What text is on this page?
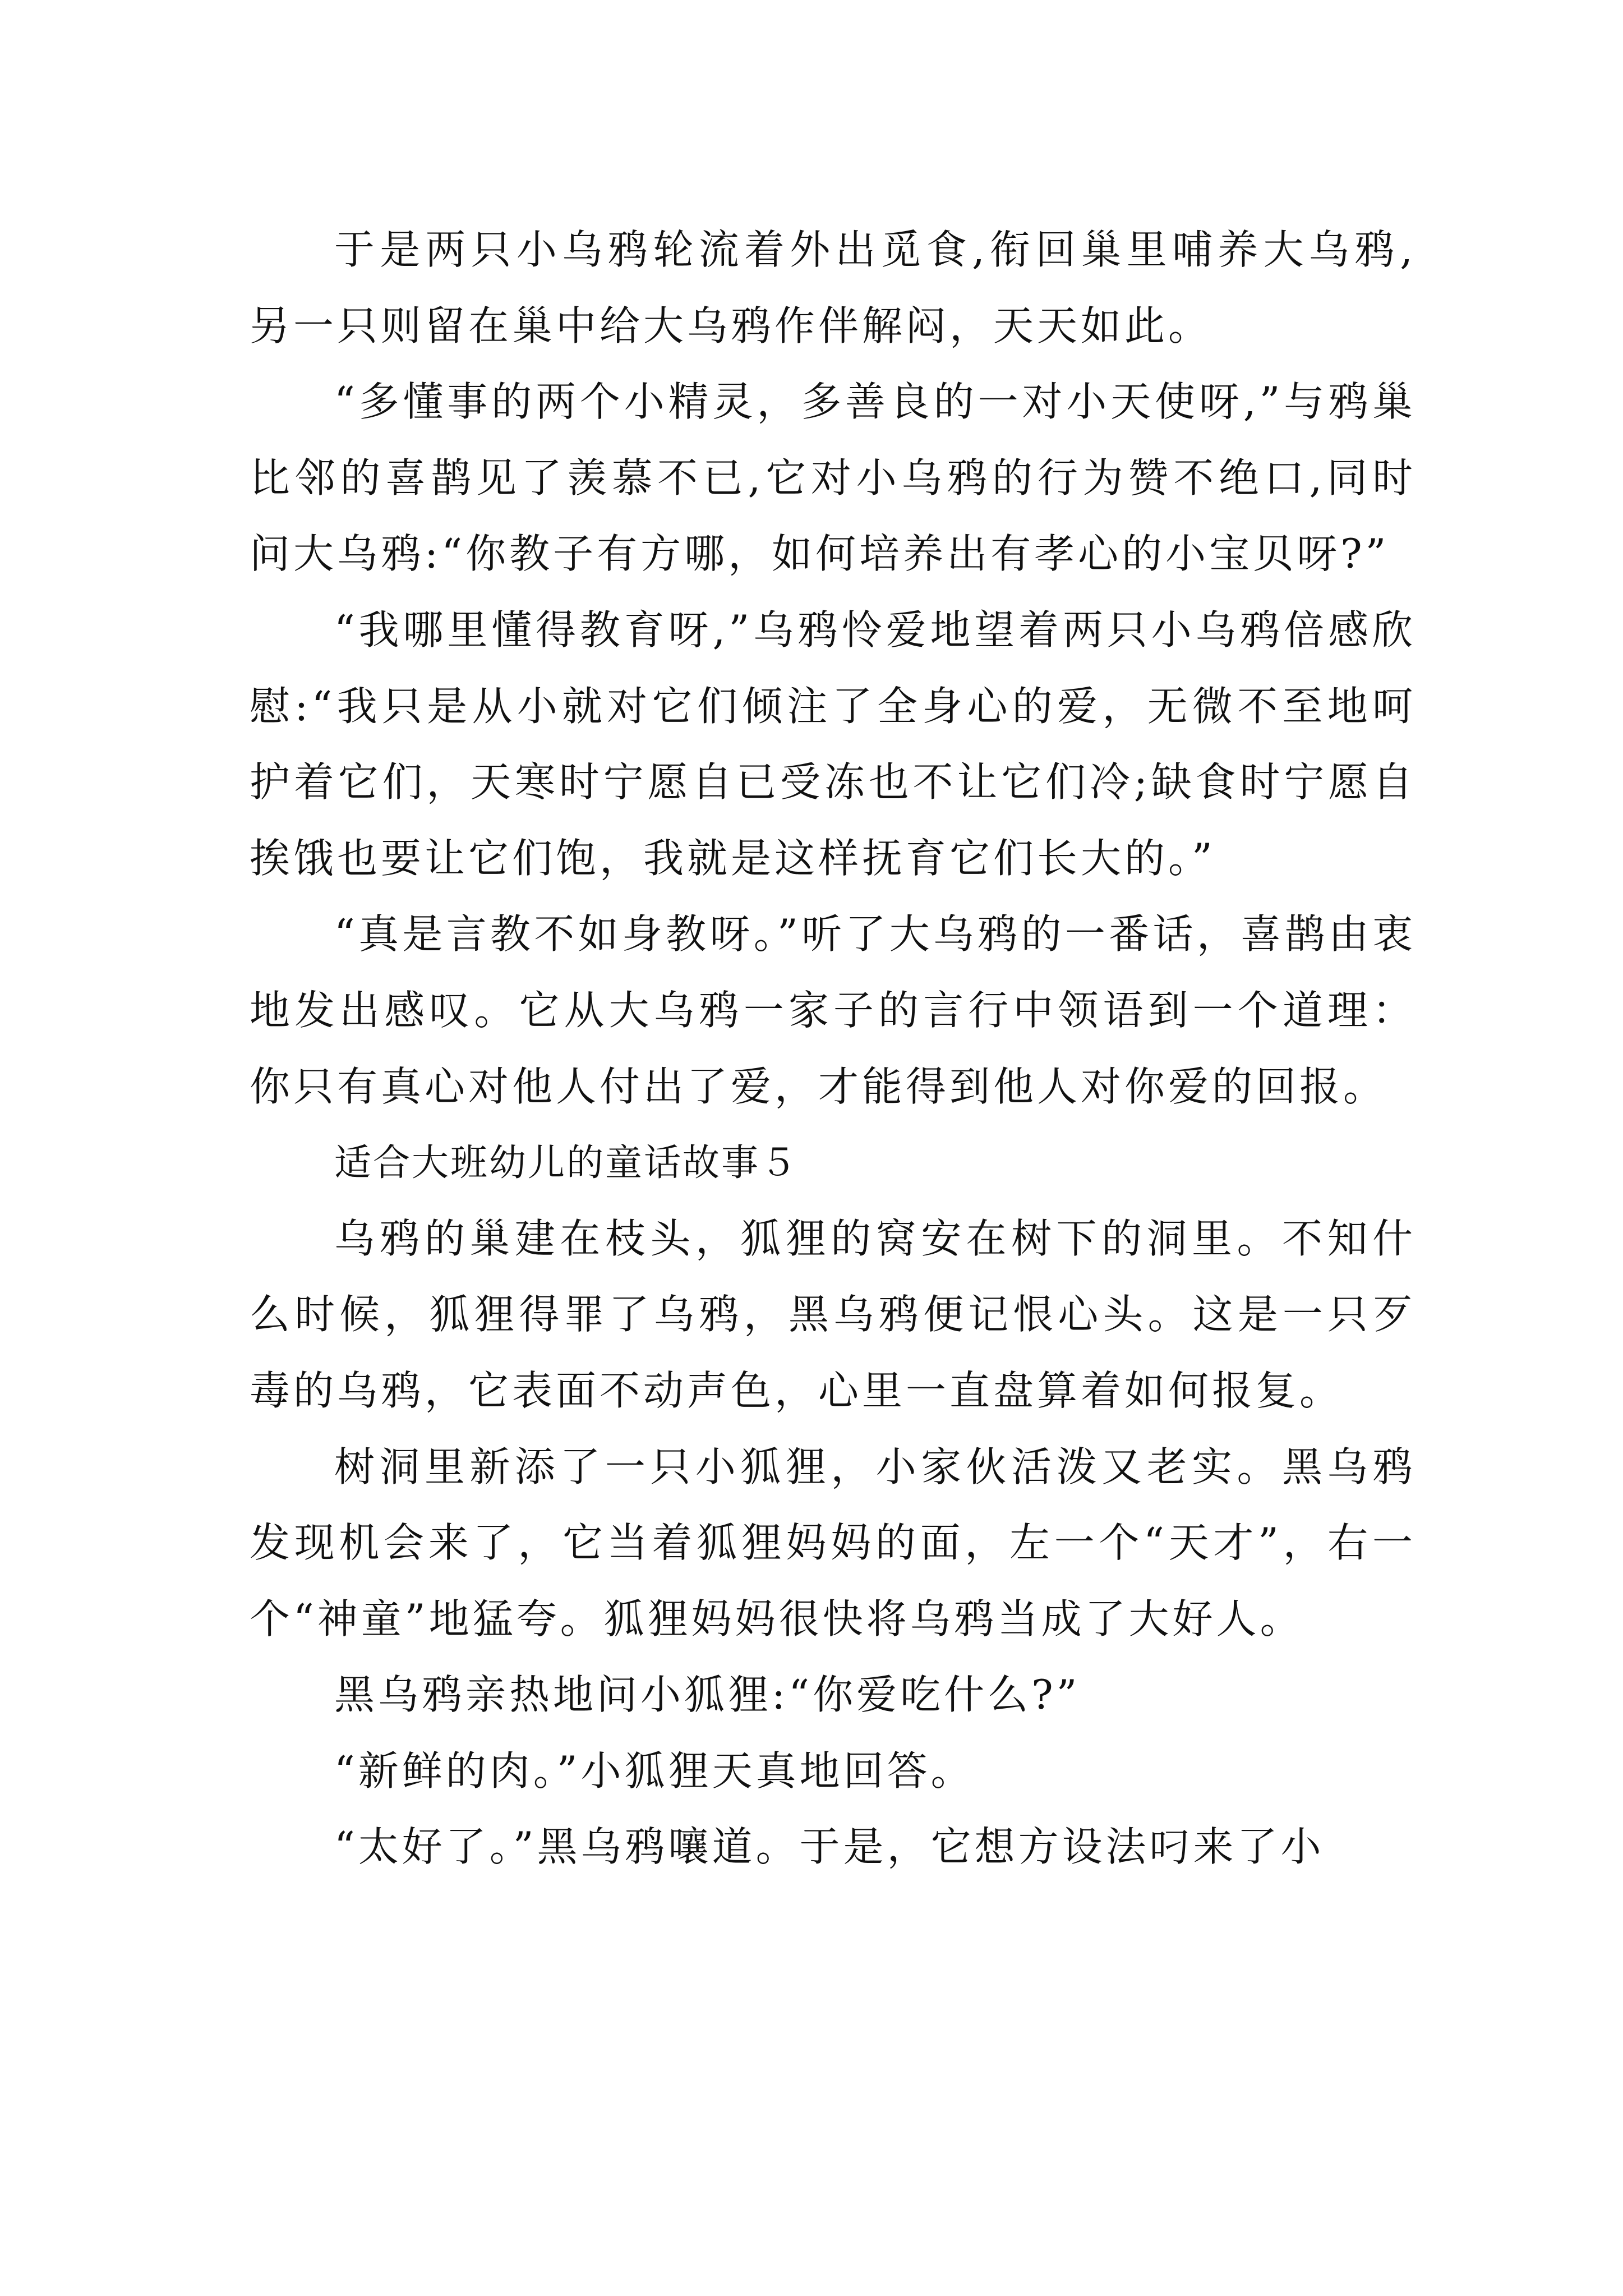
于是两只小乌鸦轮流着外出觅食,衔回巢里哺养大乌鸦,另一只则留在巢中给大乌鸦作伴解闷，天天如此。

“多懂事的两个小精灵，多善良的一对小天使呀,”与鸦巢比邻的喜鹊见了羡慕不已,它对小乌鸦的行为赞不绝口,同时问大乌鸦:“你教子有方哪，如何培养出有孝心的小宝贝呀?”

“我哪里懂得教育呀,”乌鸦怜爱地望着两只小乌鸦倍感欣慰:“我只是从小就对它们倾注了全身心的爱，无微不至地呵护着它们，天寒时宁愿自已受冻也不让它们冷;缺食时宁愿自挨饿也要让它们饱，我就是这样抚育它们长大的。”

“真是言教不如身教呀。”听了大乌鸦的一番话，喜鹊由衷地发出感叹。它从大乌鸦一家子的言行中领语到一个道理：你只有真心对他人付出了爱，才能得到他人对你爱的回报。

适合大班幼儿的童话故事５

乌鸦的巢建在枝头，狐狸的窝安在树下的洞里。不知什么时候，狐狸得罪了乌鸦，黑乌鸦便记恨心头。这是一只歹毒的乌鸦，它表面不动声色，心里一直盘算着如何报复。

树洞里新添了一只小狐狸，小家伙活泼又老实。黑乌鸦发现机会来了，它当着狐狸妈妈的面，左一个“天才”，右一个“神童”地猛夸。狐狸妈妈很快将乌鸦当成了大好人。

黑乌鸦亲热地问小狐狸:“你爱吃什么?”

“新鲜的肉。”小狐狸天真地回答。

“太好了。”黑乌鸦嚷道。于是，它想方设法叼来了小
